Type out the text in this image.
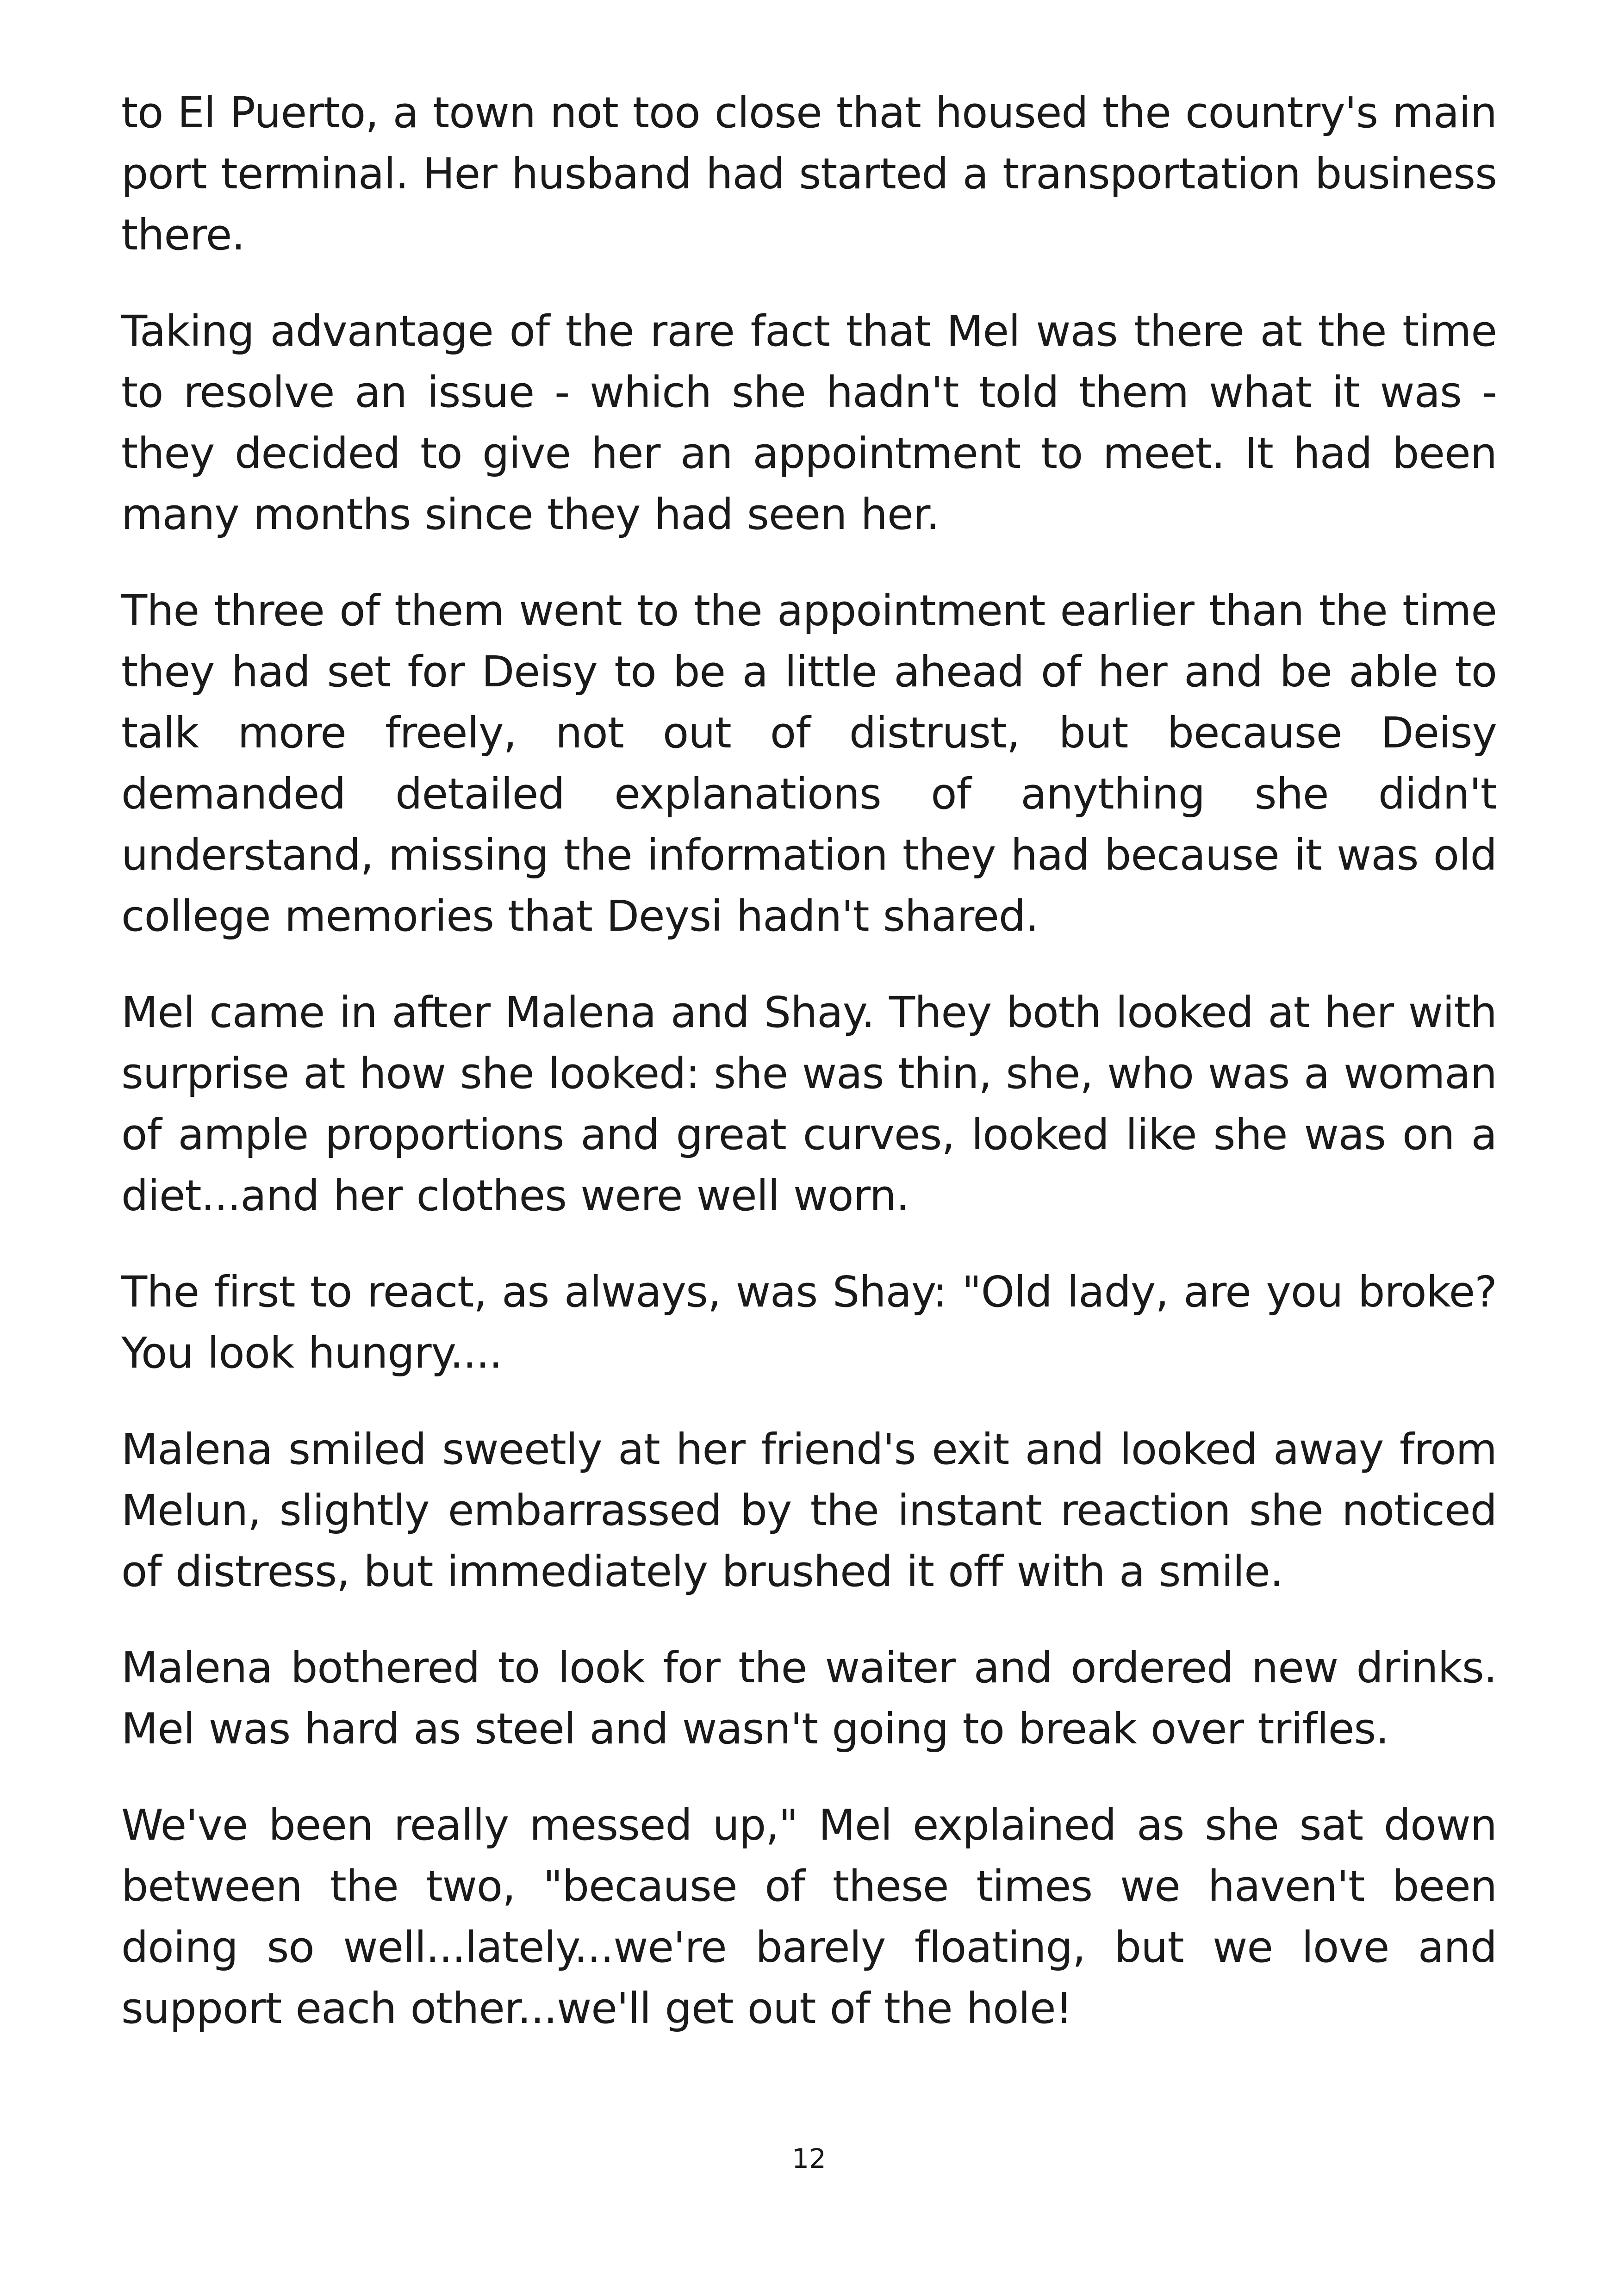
to El Puerto, a town not too close that housed the country's main port terminal. Her husband had started a transportation business there.

Taking advantage of the rare fact that Mel was there at the time to resolve an issue - which she hadn't told them what it was - they decided to give her an appointment to meet. It had been many months since they had seen her.

The three of them went to the appointment earlier than the time they had set for Deisy to be a little ahead of her and be able to talk more freely, not out of distrust, but because Deisy demanded detailed explanations of anything she didn't understand, missing the information they had because it was old college memories that Deysi hadn't shared.

Mel came in after Malena and Shay. They both looked at her with surprise at how she looked: she was thin, she, who was a woman of ample proportions and great curves, looked like she was on a diet...and her clothes were well worn.

The first to react, as always, was Shay: "Old lady, are you broke? You look hungry....

Malena smiled sweetly at her friend's exit and looked away from Melun, slightly embarrassed by the instant reaction she noticed of distress, but immediately brushed it off with a smile.

Malena bothered to look for the waiter and ordered new drinks. Mel was hard as steel and wasn't going to break over trifles.

We've been really messed up," Mel explained as she sat down between the two, "because of these times we haven't been doing so well...lately...we're barely floating, but we love and support each other...we'll get out of the hole!

12
